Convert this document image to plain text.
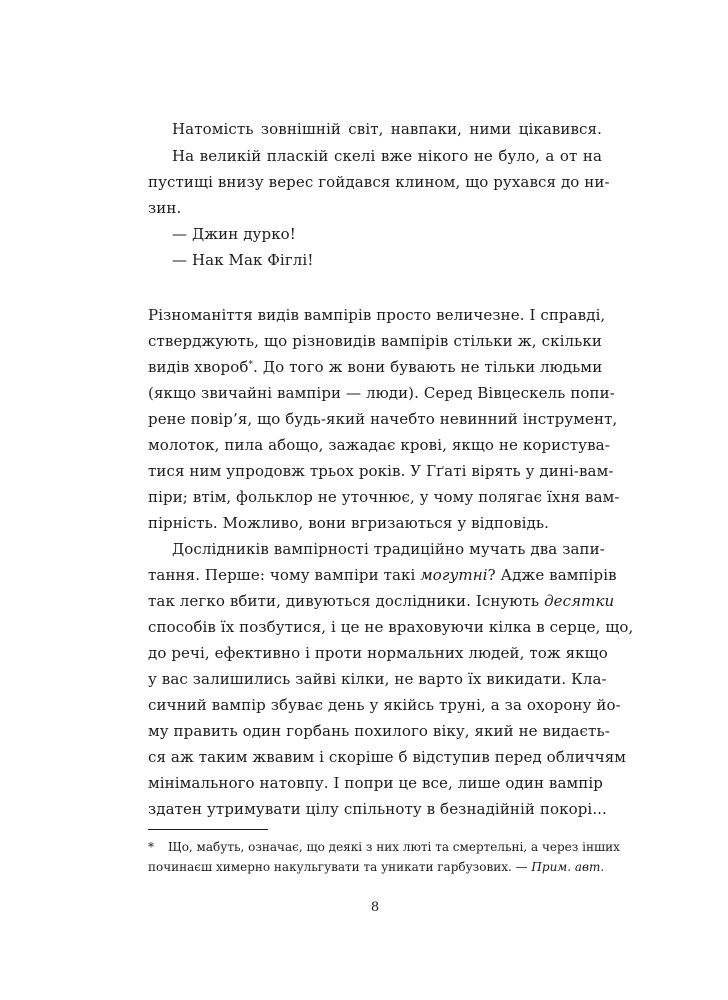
Натомість зовнішній світ, навпаки, ними цікавився.
На великій пласкій скелі вже нікого не було, а от на
пустищі внизу верес гойдався клином, що рухався до ни-
зин.
— Джин дурко!
— Нак Мак Фіглі!
Різноманіття видів вампірів просто величезне. І справді,
стверджують, що різновидів вампірів стільки ж, скільки
видів хвороб*. До того ж вони бувають не тільки людьми
(якщо звичайні вампіри — люди). Серед Вівцескель попи-
рене повір’я, що будь-який начебто невинний інструмент,
молоток, пила абощо, зажадає крові, якщо не користува-
тися ним упродовж трьох років. У Гґаті вірять у дині-вам-
піри; втім, фольклор не уточнює, у чому полягає їхня вам-
пірність. Можливо, вони вгризаються у відповідь.
Дослідників вампірності традиційно мучать два запи-
тання. Перше: чому вампіри такі могутні? Адже вампірів
так легко вбити, дивуються дослідники. Існують десятки
способів їх позбутися, і це не враховуючи кілка в серце, що,
до речі, ефективно і проти нормальних людей, тож якщо
у вас залишились зайві кілки, не варто їх викидати. Кла-
сичний вампір збуває день у якійсь труні, а за охорону йо-
му править один горбань похилого віку, який не видаєть-
ся аж таким жвавим і скоріше б відступив перед обличчям
мінімального натовпу. І попри це все, лише один вампір
* Що, мабуть, означає, що деякі з них люті та смертельні, а через інших
починаєш химерно накульгувати та уникати гарбузових. — Прим. авт.
8
здатен утримувати цілу спільноту в безнадійній покорі...
